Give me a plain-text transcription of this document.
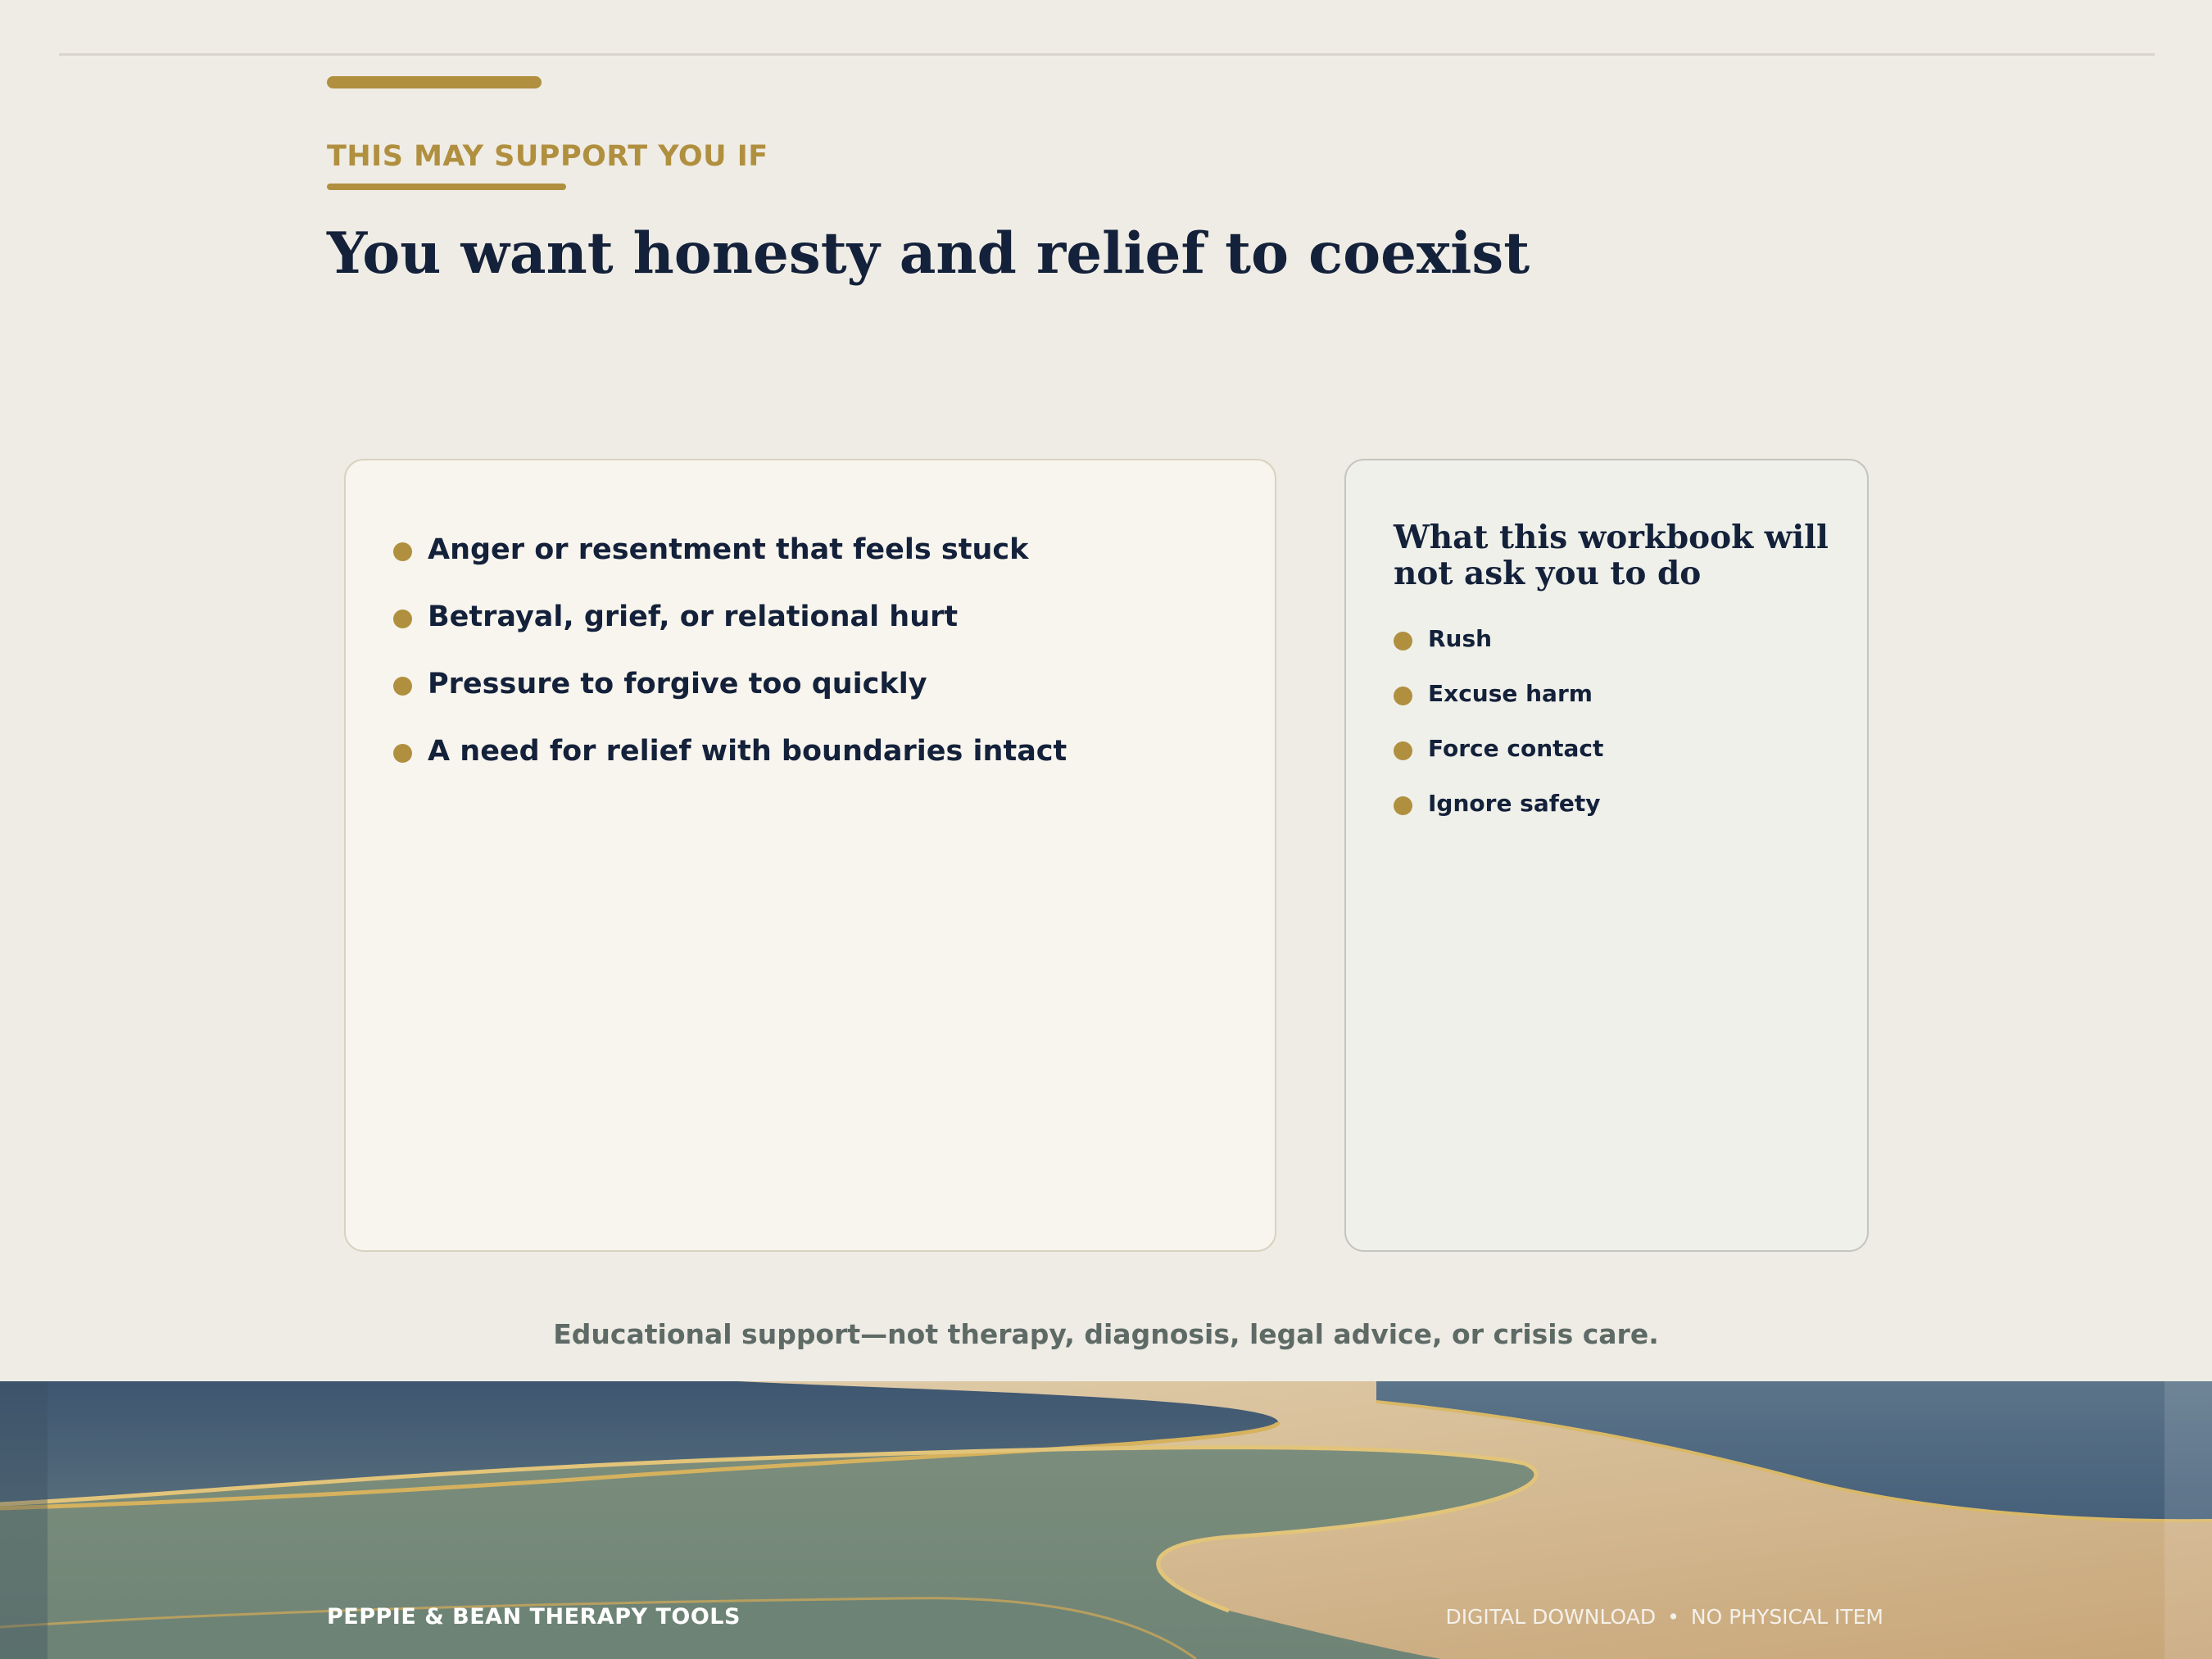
THIS MAY SUPPORT YOU IF
You want honesty and relief to coexist
Anger or resentment that feels stuck
Betrayal, grief, or relational hurt
Pressure to forgive too quickly
A need for relief with boundaries intact
What this workbook will not ask you to do
Rush
Excuse harm
Force contact
Ignore safety

Educational support—not therapy, diagnosis, legal advice, or crisis care.

PEPPIE & BEAN THERAPY TOOLS	DIGITAL DOWNLOAD • NO PHYSICAL ITEM
